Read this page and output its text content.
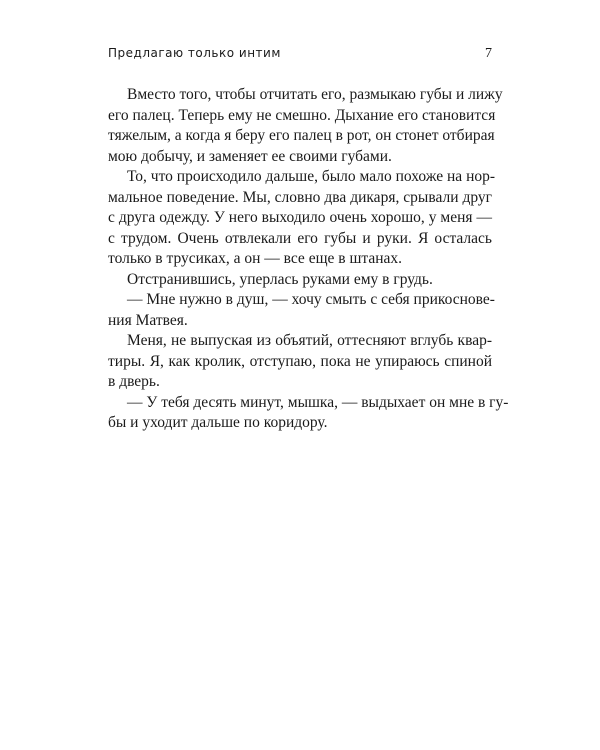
Предлагаю только интим	7

Вместо того, чтобы отчитать его, размыкаю губы и лижу
его палец. Теперь ему не смешно. Дыхание его становится
тяжелым, а когда я беру его палец в рот, он стонет отбирая
мою добычу, и заменяет ее своими губами.

То, что происходило дальше, было мало похоже на нор-
мальное поведение. Мы, словно два дикаря, срывали друг
с друга одежду. У него выходило очень хорошо, у меня —
с трудом. Очень отвлекали его губы и руки. Я осталась
только в трусиках, а он — все еще в штанах.

Отстранившись, уперлась руками ему в грудь.

— Мне нужно в душ, — хочу смыть с себя прикоснове-
ния Матвея.

Меня, не выпуская из объятий, оттесняют вглубь квар-
тиры. Я, как кролик, отступаю, пока не упираюсь спиной
в дверь.

— У тебя десять минут, мышка, — выдыхает он мне в гу-
бы и уходит дальше по коридору.
